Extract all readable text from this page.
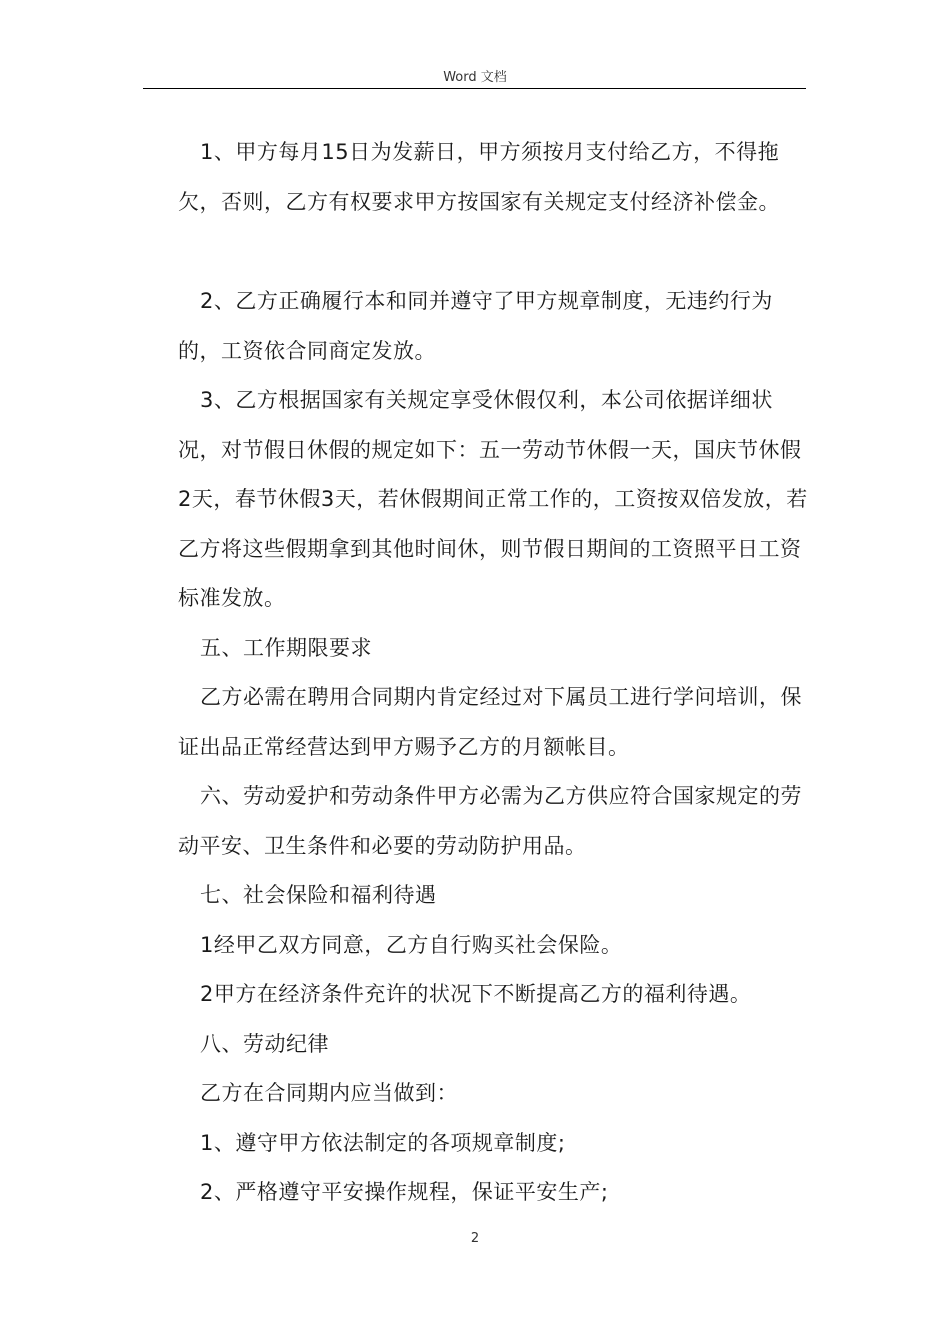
Word 文档

1、甲方每月15日为发薪日，甲方须按月支付给乙方，不得拖欠，否则，乙方有权要求甲方按国家有关规定支付经济补偿金。

2、乙方正确履行本和同并遵守了甲方规章制度，无违约行为的，工资依合同商定发放。

3、乙方根据国家有关规定享受休假仅利，本公司依据详细状况，对节假日休假的规定如下：五一劳动节休假一天，国庆节休假2天，春节休假3天，若休假期间正常工作的，工资按双倍发放，若乙方将这些假期拿到其他时间休，则节假日期间的工资照平日工资标准发放。

五、工作期限要求

乙方必需在聘用合同期内肯定经过对下属员工进行学问培训，保证出品正常经营达到甲方赐予乙方的月额帐目。

六、劳动爱护和劳动条件甲方必需为乙方供应符合国家规定的劳动平安、卫生条件和必要的劳动防护用品。

七、社会保险和福利待遇

1经甲乙双方同意，乙方自行购买社会保险。

2甲方在经济条件充许的状况下不断提高乙方的福利待遇。

八、劳动纪律

乙方在合同期内应当做到：

1、遵守甲方依法制定的各项规章制度;

2、严格遵守平安操作规程，保证平安生产;

2
